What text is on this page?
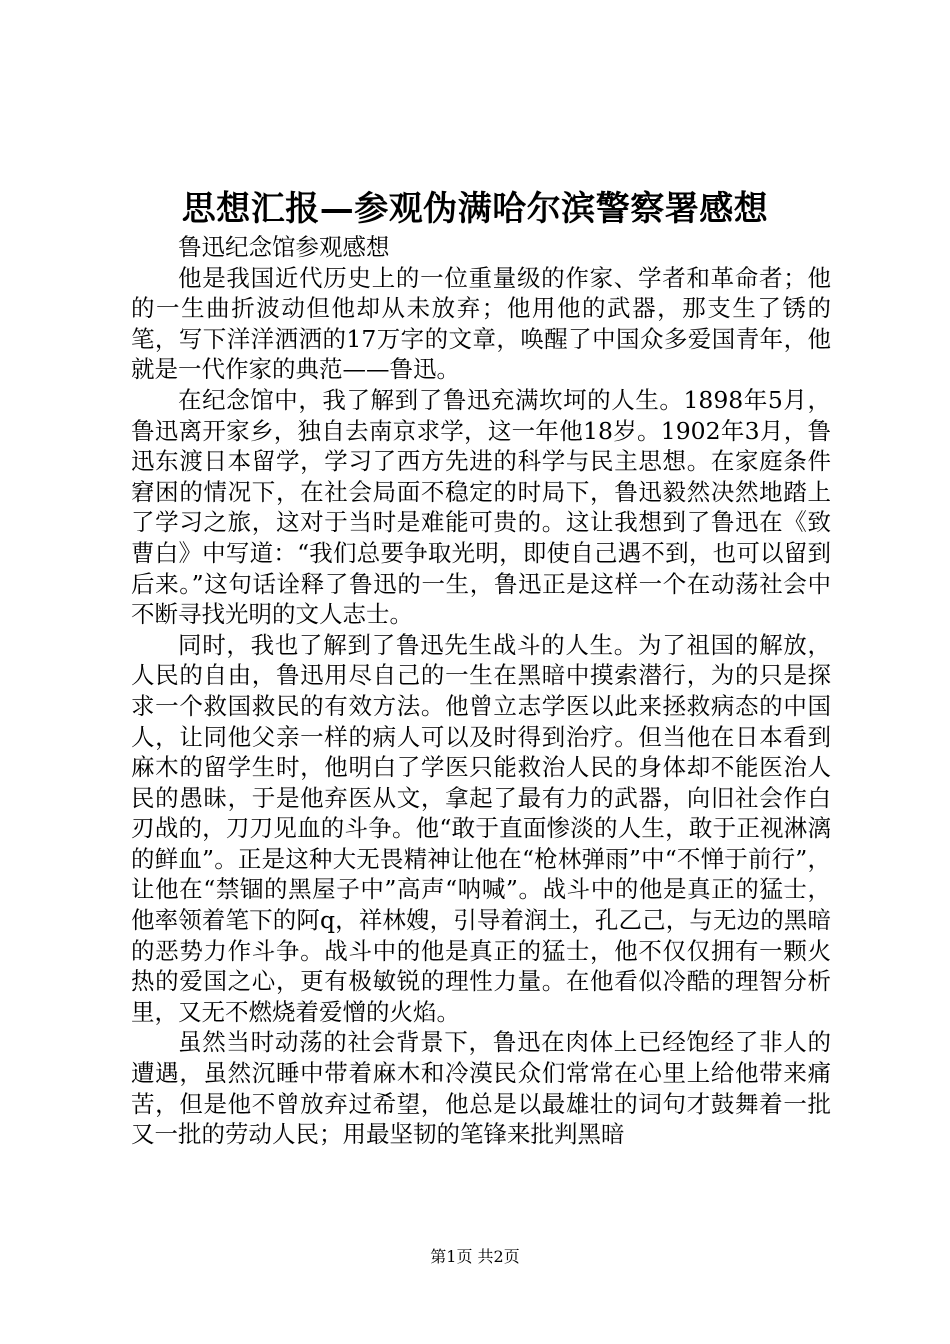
思想汇报—参观伪满哈尔滨警察署感想

鲁迅纪念馆参观感想

他是我国近代历史上的一位重量级的作家、学者和革命者；他的一生曲折波动但他却从未放弃；他用他的武器，那支生了锈的笔，写下洋洋洒洒的17万字的文章，唤醒了中国众多爱国青年，他就是一代作家的典范——鲁迅。

在纪念馆中，我了解到了鲁迅充满坎坷的人生。1898年5月，鲁迅离开家乡，独自去南京求学，这一年他18岁。1902年3月，鲁迅东渡日本留学，学习了西方先进的科学与民主思想。在家庭条件窘困的情况下，在社会局面不稳定的时局下，鲁迅毅然决然地踏上了学习之旅，这对于当时是难能可贵的。这让我想到了鲁迅在《致曹白》中写道：“我们总要争取光明，即使自己遇不到，也可以留到后来。”这句话诠释了鲁迅的一生，鲁迅正是这样一个在动荡社会中不断寻找光明的文人志士。

同时，我也了解到了鲁迅先生战斗的人生。为了祖国的解放，人民的自由，鲁迅用尽自己的一生在黑暗中摸索潜行，为的只是探求一个救国救民的有效方法。他曾立志学医以此来拯救病态的中国人，让同他父亲一样的病人可以及时得到治疗。但当他在日本看到麻木的留学生时，他明白了学医只能救治人民的身体却不能医治人民的愚昧，于是他弃医从文，拿起了最有力的武器，向旧社会作白刃战的，刀刀见血的斗争。他“敢于直面惨淡的人生，敢于正视淋漓的鲜血”。正是这种大无畏精神让他在“枪林弹雨”中“不惮于前行”，让他在“禁锢的黑屋子中”高声“呐喊”。战斗中的他是真正的猛士，他率领着笔下的阿q，祥林嫂，引导着润土，孔乙己，与无边的黑暗的恶势力作斗争。战斗中的他是真正的猛士，他不仅仅拥有一颗火热的爱国之心，更有极敏锐的理性力量。在他看似冷酷的理智分析里，又无不燃烧着爱憎的火焰。

虽然当时动荡的社会背景下，鲁迅在肉体上已经饱经了非人的遭遇，虽然沉睡中带着麻木和冷漠民众们常常在心里上给他带来痛苦，但是他不曾放弃过希望，他总是以最雄壮的词句才鼓舞着一批又一批的劳动人民；用最坚韧的笔锋来批判黑暗

第1页 共2页
